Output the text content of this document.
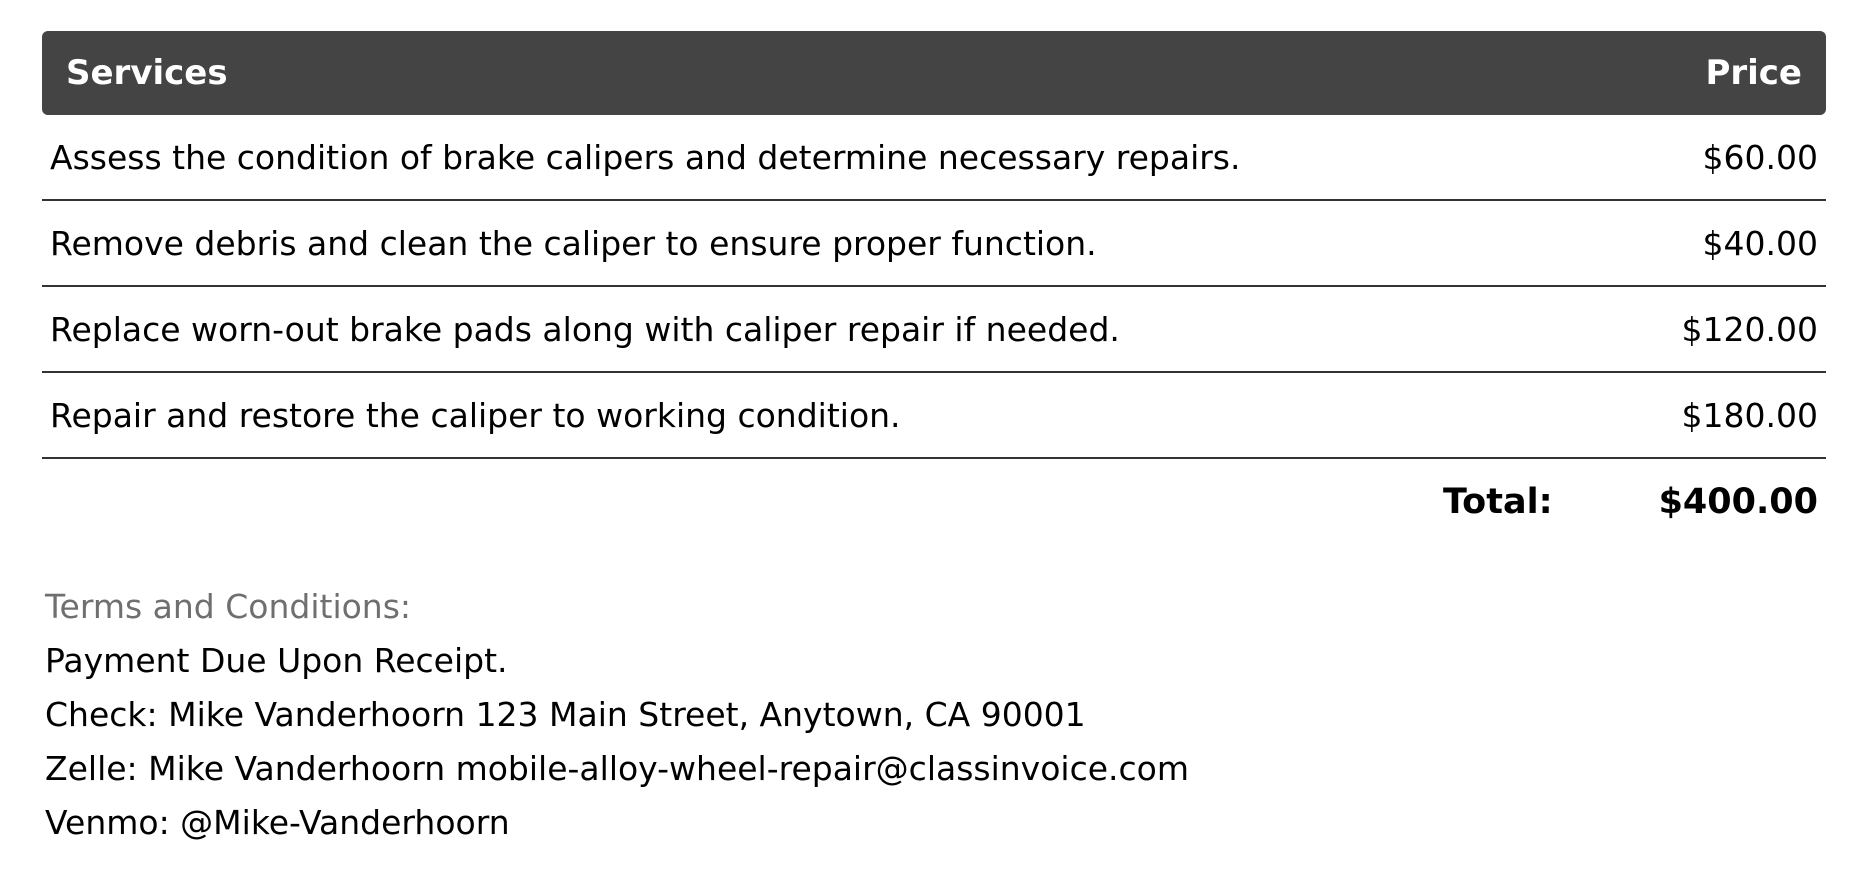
Services	Price
Assess the condition of brake calipers and determine necessary repairs.	$60.00
Remove debris and clean the caliper to ensure proper function.	$40.00
Replace worn-out brake pads along with caliper repair if needed.	$120.00
Repair and restore the caliper to working condition.	$180.00
Total:	$400.00
Terms and Conditions:
Payment Due Upon Receipt.
Check: Mike Vanderhoorn 123 Main Street, Anytown, CA 90001
Zelle: Mike Vanderhoorn mobile-alloy-wheel-repair@classinvoice.com
Venmo: @Mike-Vanderhoorn
